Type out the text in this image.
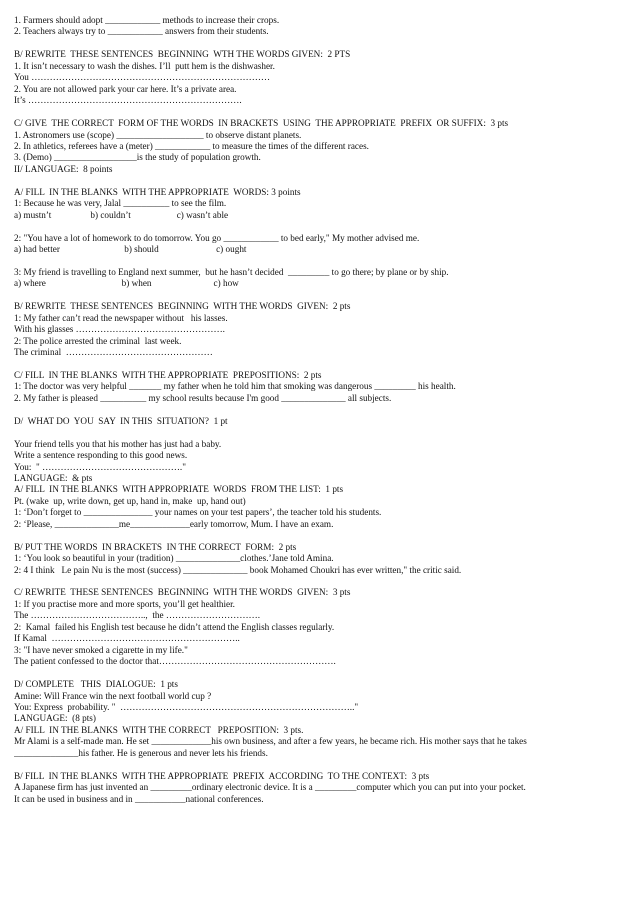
1. Farmers should adopt ____________ methods to increase their crops.
2. Teachers always try to ____________ answers from their students.
B/ REWRITE  THESE SENTENCES  BEGINNING  WTH THE WORDS GIVEN:  2 PTS
1. It isn’t necessary to wash the dishes. I’ll  putt hem is the dishwasher.
You ……………………………………………………………………
2. You are not allowed park your car here. It’s a private area.
It’s …………………………………………………………….
C/ GIVE  THE CORRECT  FORM OF THE WORDS  IN BRACKETS  USING  THE APPROPRIATE  PREFIX  OR SUFFIX:  3 pts
1. Astronomers use (scope) ___________________ to observe distant planets.
2. In athletics, referees have a (meter) ____________ to measure the times of the different races.
3. (Demo) __________________is the study of population growth.
II/ LANGUAGE:  8 points
A/ FILL  IN THE BLANKS  WITH THE APPROPRIATE  WORDS: 3 points
1: Because he was very, Jalal __________ to see the film.
a) mustn’t                 b) couldn’t                    c) wasn’t able
2: "You have a lot of homework to do tomorrow. You go ____________ to bed early," My mother advised me.
a) had better                            b) should                         c) ought
3: My friend is travelling to England next summer,  but he hasn’t decided  _________ to go there; by plane or by ship.
a) where                                 b) when                           c) how
B/ REWRITE  THESE SENTENCES  BEGINNING  WITH THE WORDS  GIVEN:  2 pts
1: My father can’t read the newspaper without   his lasses.
With his glasses ………………………………………….
2: The police arrested the criminal  last week.
The criminal  …………………………………………
C/ FILL  IN THE BLANKS  WITH THE APPROPRIATE  PREPOSITIONS:  2 pts
1: The doctor was very helpful _______ my father when he told him that smoking was dangerous _________ his health.
2. My father is pleased __________ my school results because I'm good ______________ all subjects.
D/  WHAT DO  YOU  SAY  IN THIS  SITUATION?  1 pt
Your friend tells you that his mother has just had a baby.
Write a sentence responding to this good news.
You:  " ………………………………………."
LANGUAGE:  & pts
A/ FILL  IN THE BLANKS  WITH APPROPRIATE  WORDS  FROM THE LIST:  1 pts
Pt. (wake  up, write down, get up, hand in, make  up, hand out)
1: ‘Don’t forget to _______________ your names on your test papers’, the teacher told his students.
2: ‘Please, ______________me_____________early tomorrow, Mum. I have an exam.
B/ PUT THE WORDS  IN BRACKETS  IN THE CORRECT  FORM:  2 pts
1: ‘You look so beautiful in your (tradition) ______________clothes.’Jane told Amina.
2: 4 I think   Le pain Nu is the most (success) ______________ book Mohamed Choukri has ever written," the critic said.
C/ REWRITE  THESE SENTENCES  BEGINNING  WITH THE WORDS  GIVEN:  3 pts
1: If you practise more and more sports, you’ll get healthier.
The ………………………………..,  the ………………………….
2:  Kamal  failed his English test because he didn’t attend the English classes regularly.
If Kamal  ……………………………………………………..
3: "I have never smoked a cigarette in my life."
The patient confessed to the doctor that………………………………………………….
D/ COMPLETE   THIS  DIALOGUE:  1 pts
Amine: Will France win the next football world cup ?
You: Express  probability. "  ………………………………………………………………….."
LANGUAGE:  (8 pts)
A/ FILL  IN THE BLANKS  WITH THE CORRECT   PREPOSITION:  3 pts.
Mr Alami is a self-made man. He set _____________his own business, and after a few years, he became rich. His mother says that he takes
______________his father. He is generous and never lets his friends.
B/ FILL  IN THE BLANKS  WITH THE APPROPRIATE  PREFIX  ACCORDING  TO THE CONTEXT:  3 pts
A Japanese firm has just invented an _________ordinary electronic device. It is a _________computer which you can put into your pocket.
It can be used in business and in ___________national conferences.
